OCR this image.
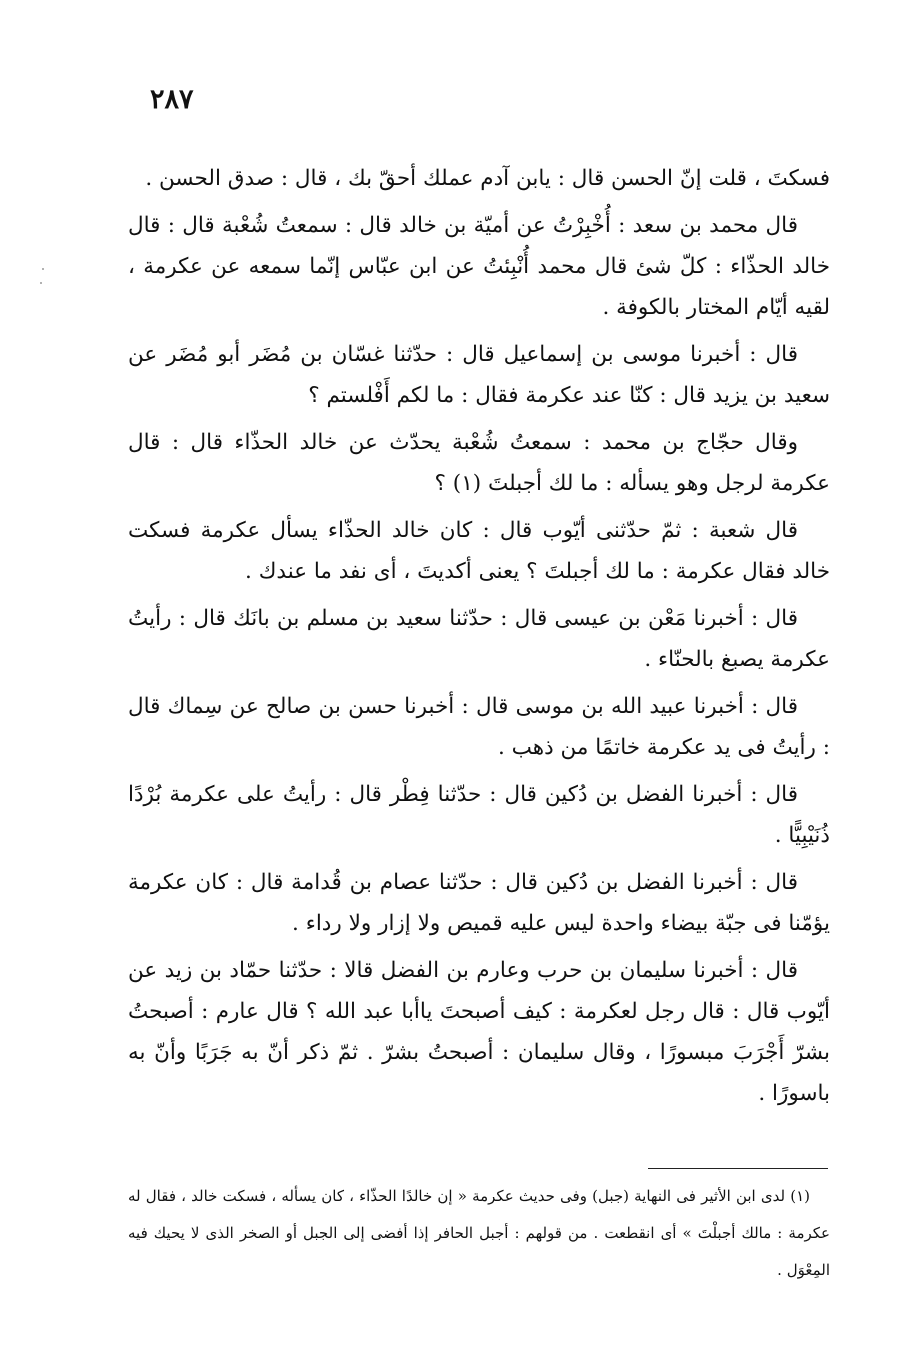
٢٨٧

فسكتَ ، قلت إنّ الحسن قال : يابن آدم عملك أحقّ بك ، قال : صدق الحسن .

قال محمد بن سعد : أُخْبِرْتُ عن أميّة بن خالد قال : سمعتُ شُعْبة قال : قال خالد الحذّاء : كلّ شئ قال محمد أُنْبِئتُ عن ابن عبّاس إنّما سمعه عن عكرمة ، لقيه أيّام المختار بالكوفة .

قال : أخبرنا موسى بن إسماعيل قال : حدّثنا غسّان بن مُضَر أبو مُضَر عن سعيد بن يزيد قال : كنّا عند عكرمة فقال : ما لكم أَفْلستم ؟

وقال حجّاج بن محمد : سمعتُ شُعْبة يحدّث عن خالد الحذّاء قال : قال عكرمة لرجل وهو يسأله : ما لك أجبلتَ (١) ؟

قال شعبة : ثمّ حدّثنى أيّوب قال : كان خالد الحذّاء يسأل عكرمة فسكت خالد فقال عكرمة : ما لك أجبلتَ ؟ يعنى أكديتَ ، أى نفد ما عندك .

قال : أخبرنا مَعْن بن عيسى قال : حدّثنا سعيد بن مسلم بن بانَك قال : رأيتُ عكرمة يصبغ بالحنّاء .

قال : أخبرنا عبيد الله بن موسى قال : أخبرنا حسن بن صالح عن سِماك قال : رأيتُ فى يد عكرمة خاتمًا من ذهب .

قال : أخبرنا الفضل بن دُكين قال : حدّثنا فِطْر قال : رأيتُ على عكرمة بُرْدًا ذُنَيْبِيًّا .

قال : أخبرنا الفضل بن دُكين قال : حدّثنا عصام بن قُدامة قال : كان عكرمة يؤمّنا فى جبّة بيضاء واحدة ليس عليه قميص ولا إزار ولا رداء .

قال : أخبرنا سليمان بن حرب وعارم بن الفضل قالا : حدّثنا حمّاد بن زيد عن أيّوب قال : قال رجل لعكرمة : كيف أصبحتَ ياأبا عبد الله ؟ قال عارم : أصبحتُ بشرّ أَجْرَبَ مبسورًا ، وقال سليمان : أصبحتُ بشرّ . ثمّ ذكر أنّ به جَرَبًا وأنّ به باسورًا .

(١) لدى ابن الأثير فى النهاية (جبل) وفى حديث عكرمة « إن خالدًا الحذّاء ، كان يسأله ، فسكت خالد ، فقال له عكرمة : مالك أجبلْتَ » أى انقطعت . من قولهم : أجبل الحافر إذا أفضى إلى الجبل أو الصخر الذى لا يحيك فيه المِعْوَل .
